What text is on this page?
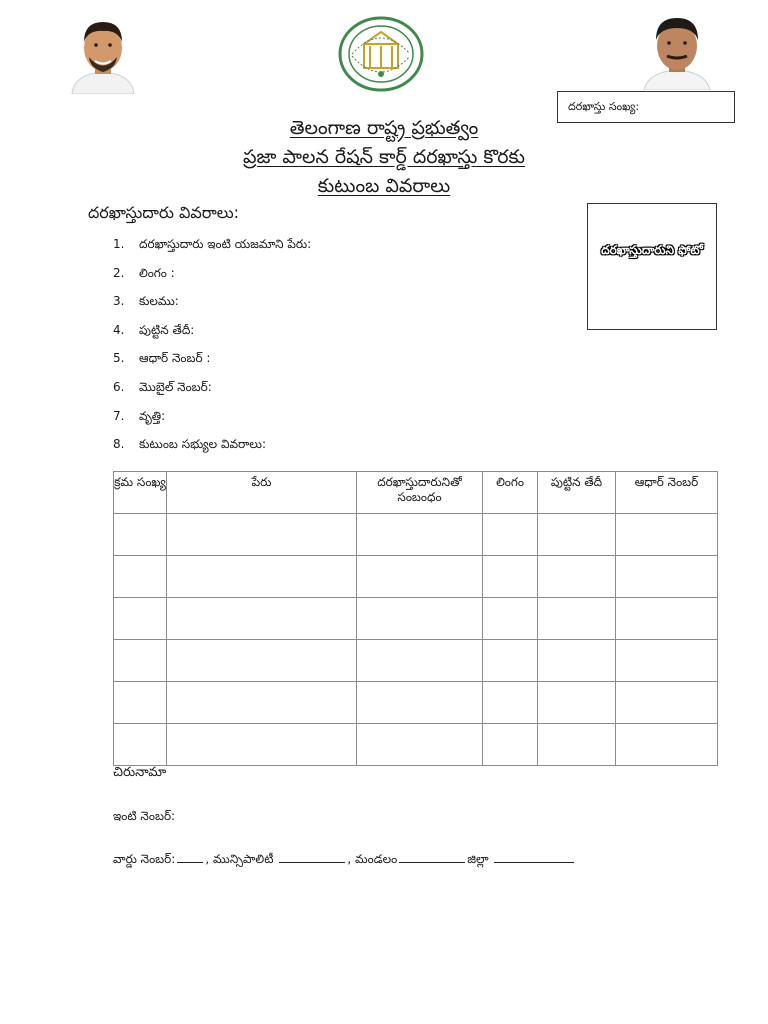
దరఖాస్తు సంఖ్య:
తెలంగాణ రాష్ట్ర ప్రభుత్వం
ప్రజా పాలన రేషన్ కార్డ్ దరఖాస్తు కొరకు
కుటుంబ వివరాలు
దరఖాస్తుదారు వివరాలు:
దరఖాస్తుదారుని ఫోటో
1. దరఖాస్తుదారు ఇంటి యజమాని పేరు:
2. లింగం :
3. కులము:
4. పుట్టిన తేదీ:
5. ఆధార్ నెంబర్ :
6. మొబైల్ నెంబర్:
7. వృత్తి:
8. కుటుంబ సభ్యుల వివరాలు:
క్రమ సంఖ్య	పేరు	దరఖాస్తుదారునితో సంబంధం	లింగం	పుట్టిన తేదీ	ఆధార్ నెంబర్

చిరునామా
ఇంటి నెంబర్:
వార్డు నెంబర్:	, మున్సిపాలిటీ	, మండలం	జిల్లా
